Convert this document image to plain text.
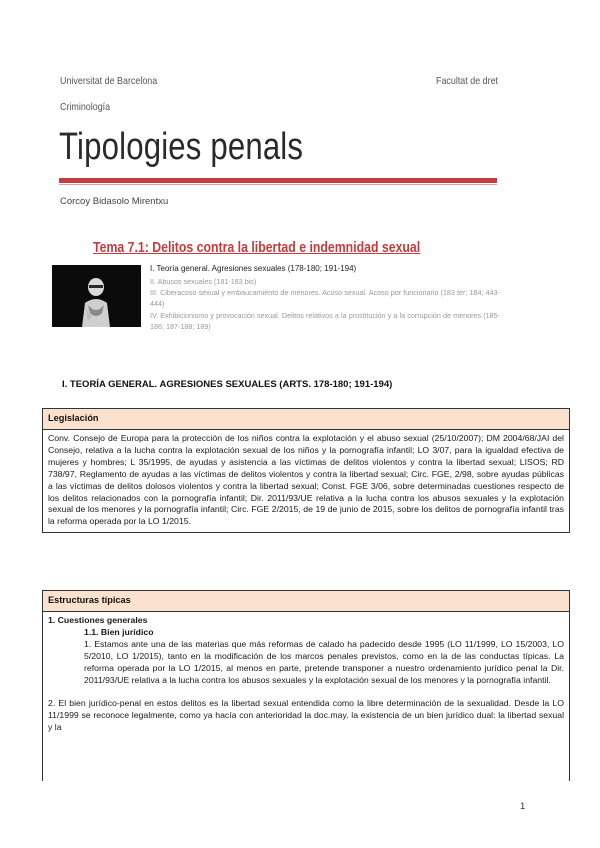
Universitat de Barcelona	Facultat de dret
Criminología
Tipologies penals
Corcoy Bidasolo Mirentxu
Tema 7.1: Delitos contra la libertad e indemnidad sexual
I. Teoría general. Agresiones sexuales (178-180; 191-194)
II. Abusos sexuales (181-183 bis)
III. Ciberacoso sexual y embaucamiento de menores. Acoso sexual. Acoso por funcionario (183 ter; 184; 443-444)
IV. Exhibicionismo y provocación sexual. Delitos relativos a la prostitución y a la corrupción de menores (185-186; 187-188; 189)
I. TEORÍA GENERAL. AGRESIONES SEXUALES (ARTS. 178-180; 191-194)
Legislación
Conv. Consejo de Europa para la protección de los niños contra la explotación y el abuso sexual (25/10/2007); DM 2004/68/JAI del Consejo, relativa a la lucha contra la explotación sexual de los niños y la pornografía infantil; LO 3/07, para la igualdad efectiva de mujeres y hombres; L 35/1995, de ayudas y asistencia a las víctimas de delitos violentos y contra la libertad sexual; LISOS; RD 738/97, Reglamento de ayudas a las víctimas de delitos violentos y contra la libertad sexual; Circ. FGE, 2/98, sobre ayudas públicas a las víctimas de delitos dolosos violentos y contra la libertad sexual; Const. FGE 3/06, sobre determinadas cuestiones respecto de los delitos relacionados con la pornografía infantil; Dir. 2011/93/UE relativa a la lucha contra los abusos sexuales y la explotación sexual de los menores y la pornografía infantil; Circ. FGE 2/2015, de 19 de junio de 2015, sobre los delitos de pornografía infantil tras la reforma operada por la LO 1/2015.
Estructuras típicas
1. Cuestiones generales
1.1. Bien jurídico
1. Estamos ante una de las materias que más reformas de calado ha padecido desde 1995 (LO 11/1999, LO 15/2003, LO 5/2010, LO 1/2015), tanto en la modificación de los marcos penales previstos, como en la de las conductas típicas. La reforma operada por la LO 1/2015, al menos en parte, pretende transponer a nuestro ordenamiento jurídico penal la Dir. 2011/93/UE relativa a la lucha contra los abusos sexuales y la explotación sexual de los menores y la pornografía infantil.
2. El bien jurídico-penal en estos delitos es la libertad sexual entendida como la libre determinación de la sexualidad. Desde la LO 11/1999 se reconoce legalmente, como ya hacía con anterioridad la doc.may. la existencia de un bien jurídico dual: la libertad sexual y la
1
